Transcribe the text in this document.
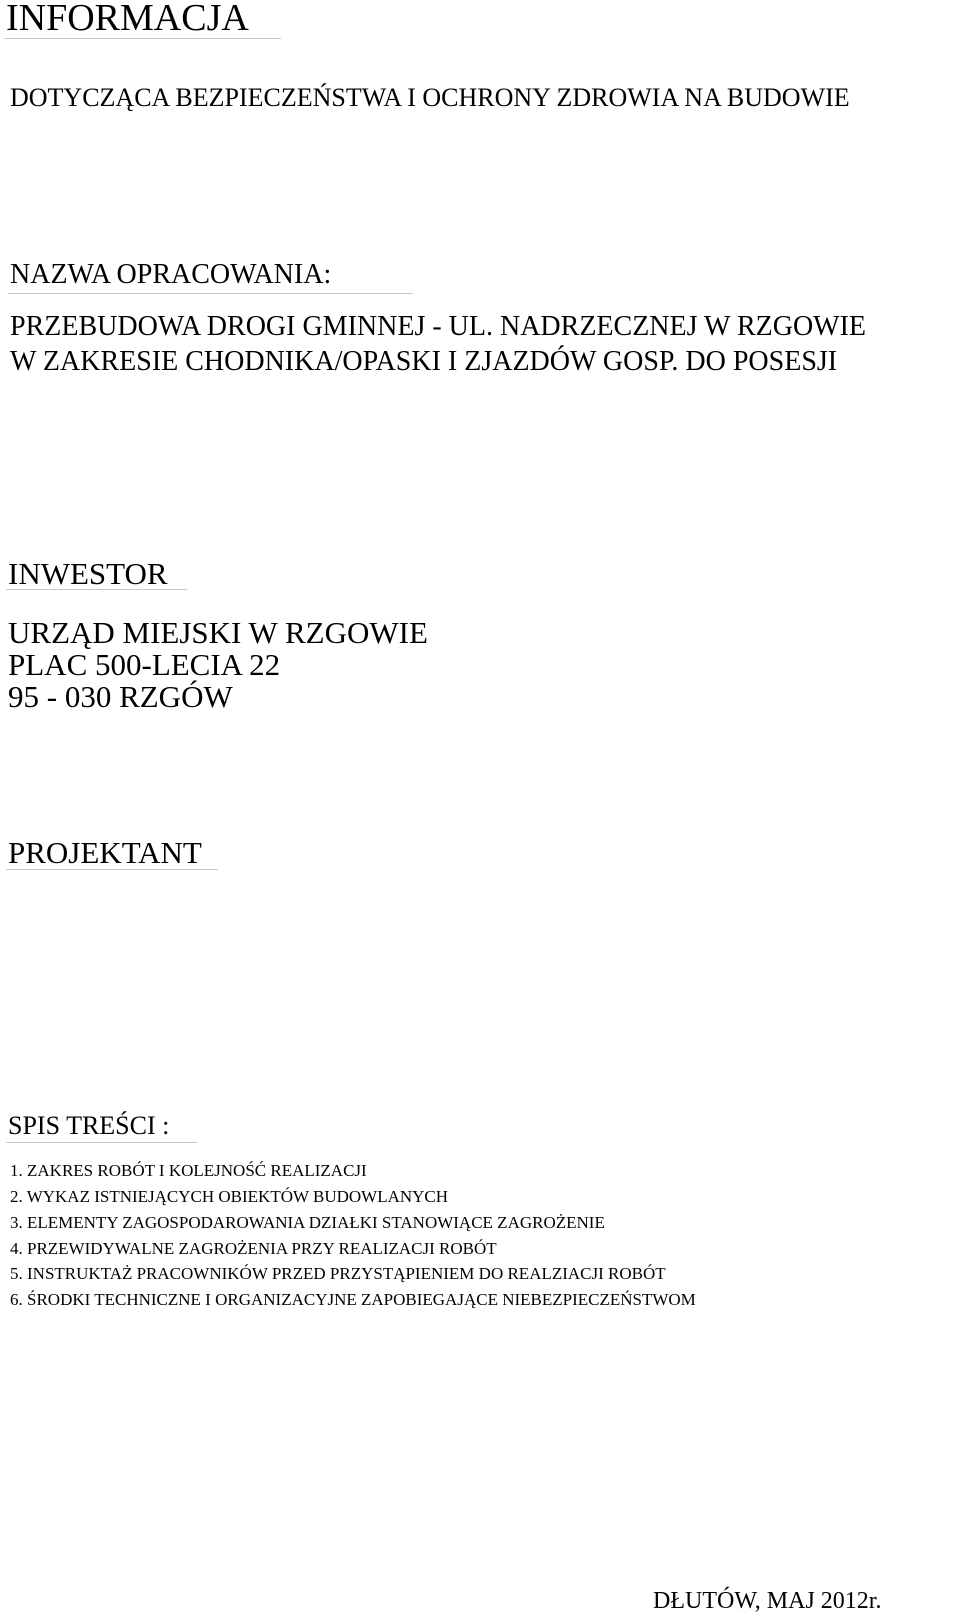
INFORMACJA
DOTYCZĄCA BEZPIECZEŃSTWA I OCHRONY ZDROWIA NA BUDOWIE
NAZWA OPRACOWANIA:
PRZEBUDOWA DROGI GMINNEJ - UL. NADRZECZNEJ W RZGOWIE
W ZAKRESIE CHODNIKA/OPASKI I ZJAZDÓW GOSP. DO POSESJI
INWESTOR
URZĄD MIEJSKI W RZGOWIE
PLAC 500-LECIA 22
95 - 030 RZGÓW
PROJEKTANT
SPIS TREŚCI :
1. ZAKRES ROBÓT I KOLEJNOŚĆ REALIZACJI
2. WYKAZ ISTNIEJĄCYCH OBIEKTÓW BUDOWLANYCH
3. ELEMENTY ZAGOSPODAROWANIA DZIAŁKI STANOWIĄCE ZAGROŻENIE
4. PRZEWIDYWALNE ZAGROŻENIA PRZY REALIZACJI ROBÓT
5. INSTRUKTAŻ PRACOWNIKÓW PRZED PRZYSTĄPIENIEM DO REALZIACJI ROBÓT
6. ŚRODKI TECHNICZNE I ORGANIZACYJNE ZAPOBIEGAJĄCE NIEBEZPIECZEŃSTWOM
DŁUTÓW, MAJ 2012r.
